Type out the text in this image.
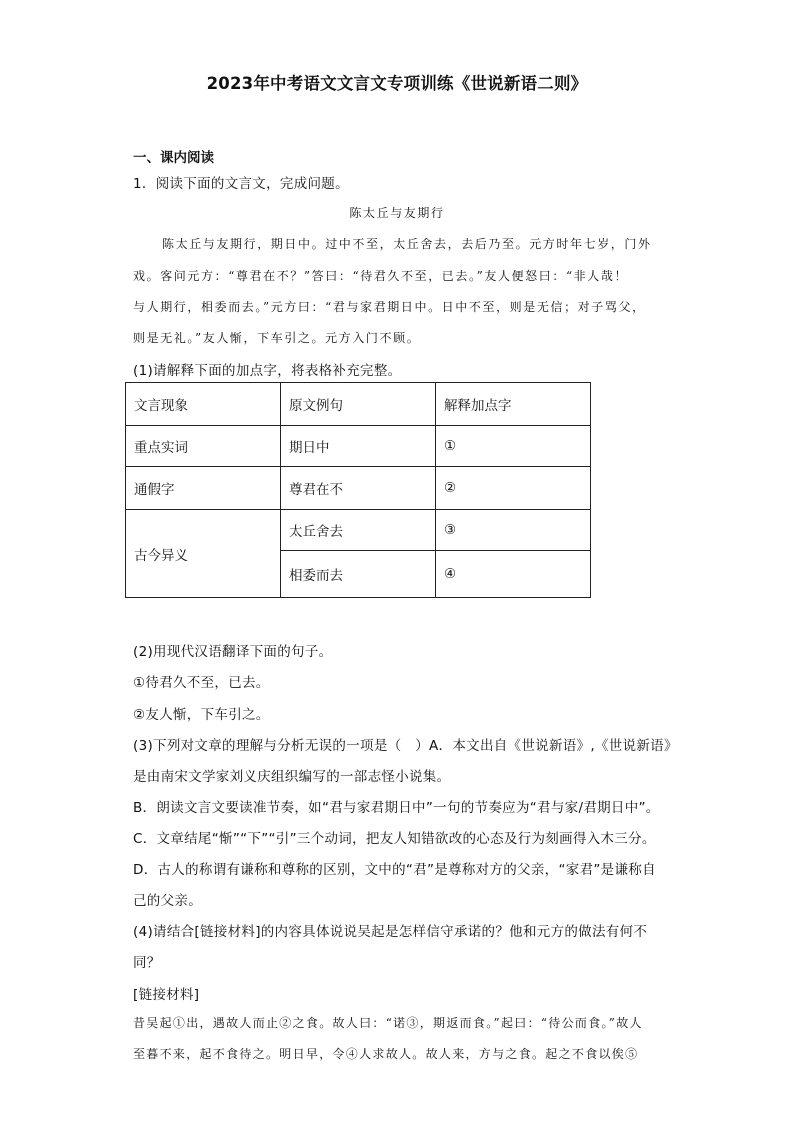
2023年中考语文文言文专项训练《世说新语二则》
一、课内阅读
1．阅读下面的文言文，完成问题。
陈太丘与友期行
陈太丘与友期行，期日中。过中不至，太丘舍去，去后乃至。元方时年七岁，门外
戏。客问元方：“尊君在不？”答曰：“待君久不至，已去。”友人便怒曰：“非人哉！
与人期行，相委而去。”元方曰：“君与家君期日中。日中不至，则是无信；对子骂父，
则是无礼。”友人惭，下车引之。元方入门不顾。
(1)请解释下面的加点字，将表格补充完整。
文言现象	原文例句	解释加点字
重点实词	期日中	①
通假字	尊君在不	②
古今异义	太丘舍去	③
	相委而去	④
(2)用现代汉语翻译下面的句子。
①待君久不至，已去。
②友人惭，下车引之。
(3)下列对文章的理解与分析无误的一项是（　）A．本文出自《世说新语》,《世说新语》
是由南宋文学家刘义庆组织编写的一部志怪小说集。
B．朗读文言文要读准节奏，如“君与家君期日中”一句的节奏应为“君与家/君期日中”。
C．文章结尾“惭”“下”“引”三个动词，把友人知错欲改的心态及行为刻画得入木三分。
D．古人的称谓有谦称和尊称的区别，文中的“君”是尊称对方的父亲，“家君”是谦称自
己的父亲。
(4)请结合[链接材料]的内容具体说说吴起是怎样信守承诺的？他和元方的做法有何不
同？
[链接材料]
昔吴起①出，遇故人而止②之食。故人曰：“诺③，期返而食。”起曰：“待公而食。”故人
至暮不来，起不食待之。明日早，令④人求故人。故人来，方与之食。起之不食以俟⑤
